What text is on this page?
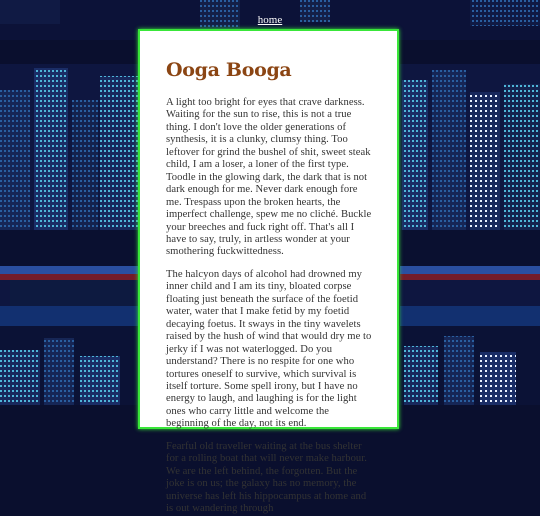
home
Ooga Booga

A light too bright for eyes that crave darkness. Waiting for the sun to rise, this is not a true thing. I don't love the older generations of synthesis, it is a clunky, clumsy thing. Too leftover for grind the bushel of shit, sweet steak child, I am a loser, a loner of the first type. Toodle in the glowing dark, the dark that is not dark enough for me. Never dark enough fore me. Trespass upon the broken hearts, the imperfect challenge, spew me no cliché. Buckle your breeches and fuck right off. That's all I have to say, truly, in artless wonder at your smothering fuckwittedness.

The halcyon days of alcohol had drowned my inner child and I am its tiny, bloated corpse floating just beneath the surface of the foetid water, water that I make fetid by my foetid decaying foetus. It sways in the tiny wavelets raised by the hush of wind that would dry me to jerky if I was not waterlogged. Do you understand? There is no respite for one who tortures oneself to survive, which survival is itself torture. Some spell irony, but I have no energy to laugh, and laughing is for the light ones who carry little and welcome the beginning of the day, not its end.

Fearful old traveller waiting at the bus shelter for a rolling boat that will never make harbour. We are the left behind, the forgotten. But the joke is on us; the galaxy has no memory, the universe has left his hippocampus at home and is out wandering through
